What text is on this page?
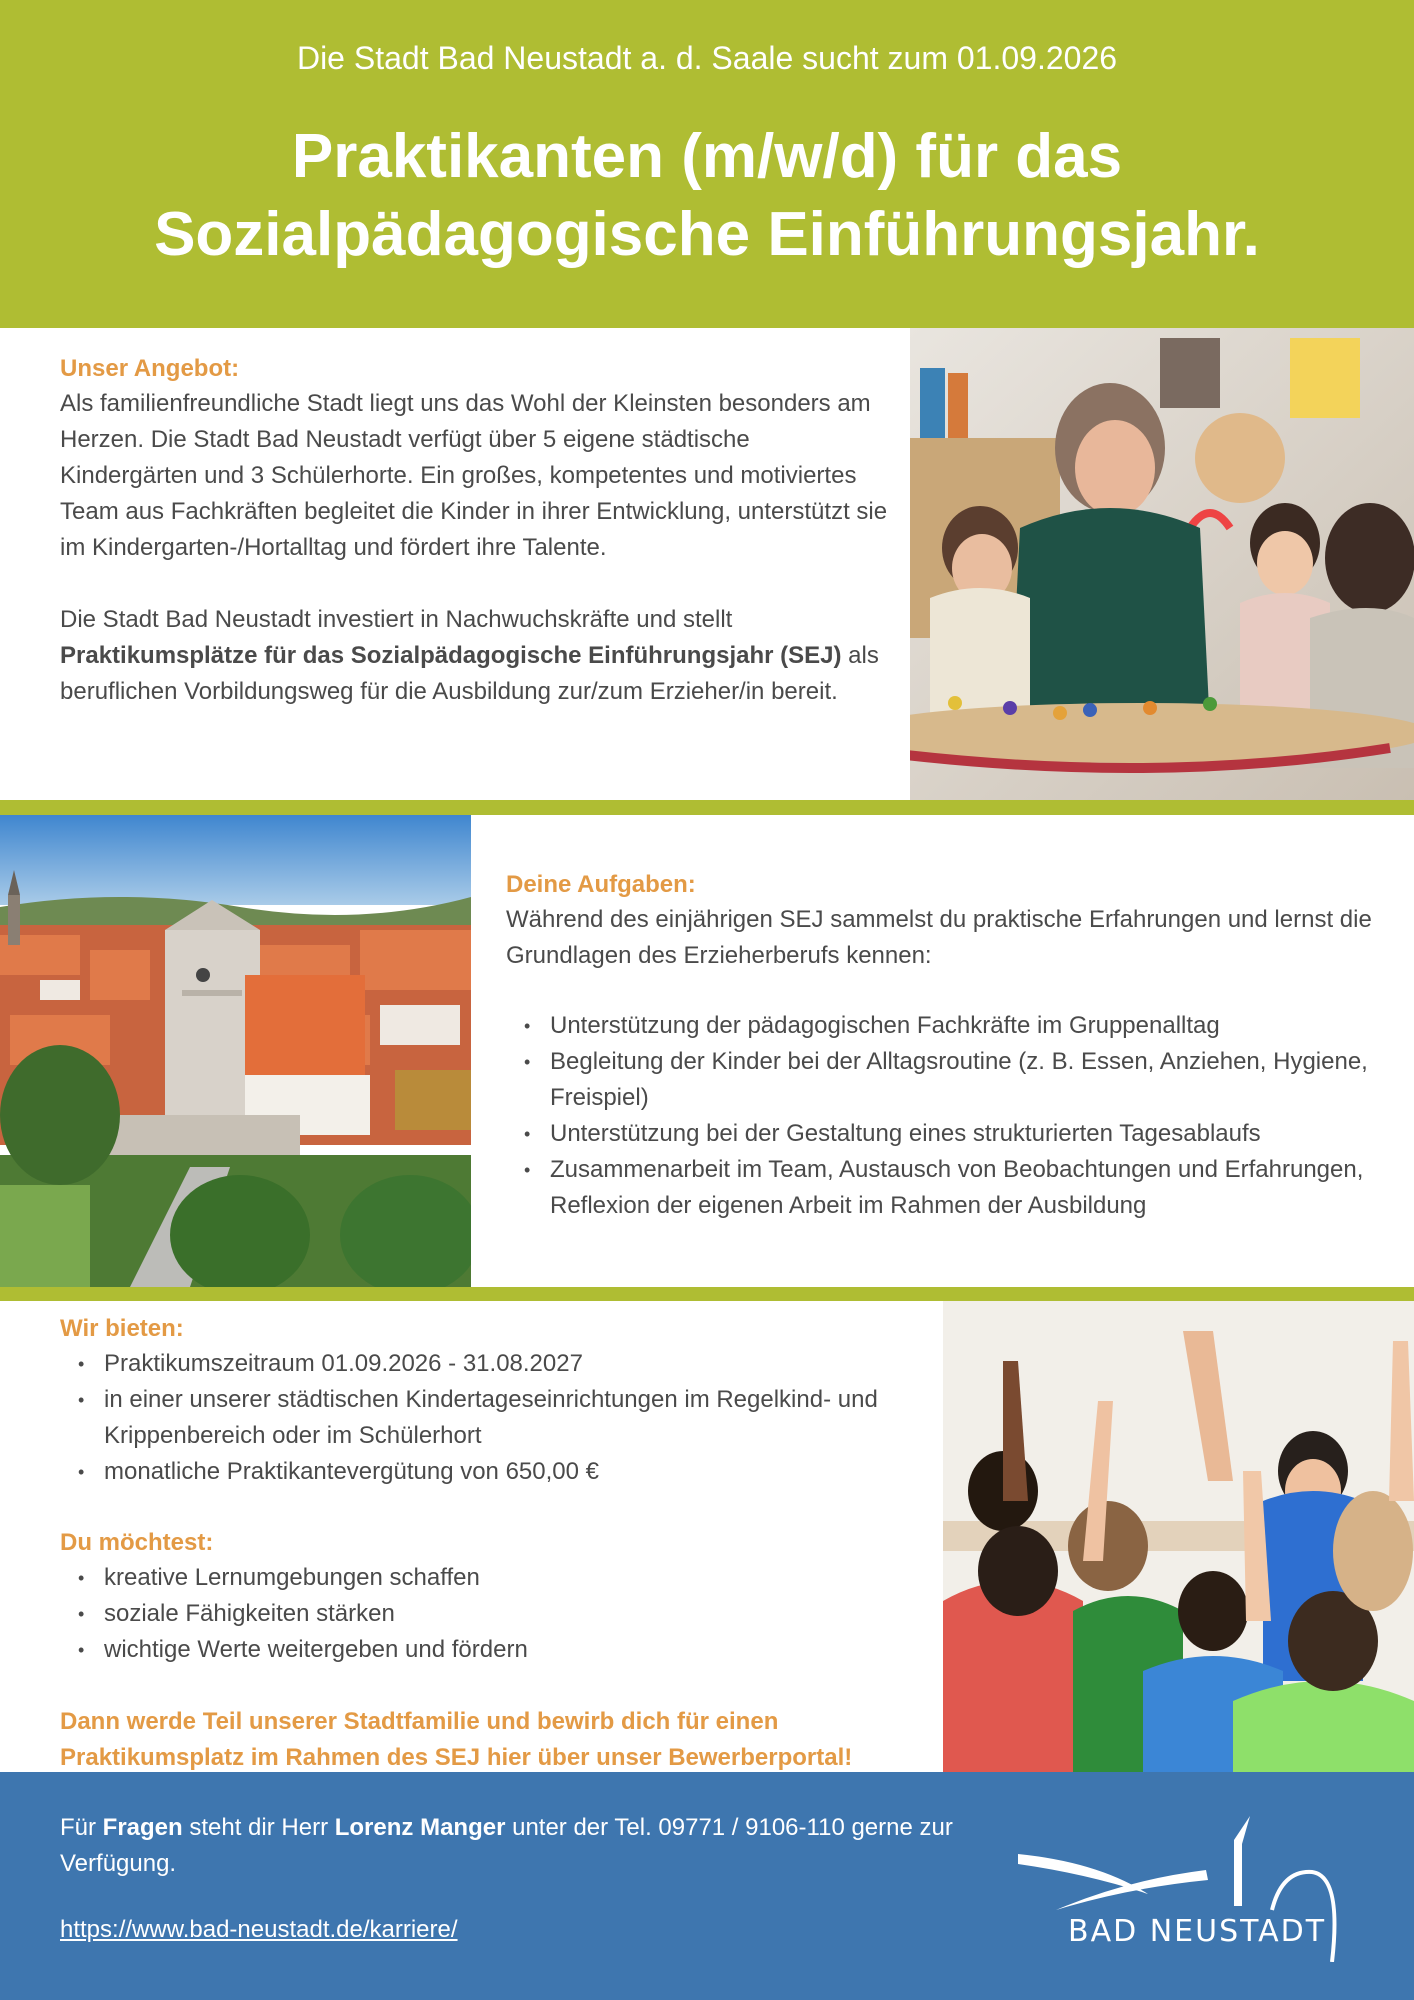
Die Stadt Bad Neustadt a. d. Saale sucht zum 01.09.2026
Praktikanten (m/w/d) für das
Sozialpädagogische Einführungsjahr.
Unser Angebot:
Als familienfreundliche Stadt liegt uns das Wohl der Kleinsten besonders am Herzen. Die Stadt Bad Neustadt verfügt über 5 eigene städtische Kindergärten und 3 Schülerhorte. Ein großes, kompetentes und motiviertes Team aus Fachkräften begleitet die Kinder in ihrer Entwicklung, unterstützt sie im Kindergarten-/Hortalltag und fördert ihre Talente.
Die Stadt Bad Neustadt investiert in Nachwuchskräfte und stellt Praktikumsplätze für das Sozialpädagogische Einführungsjahr (SEJ) als beruflichen Vorbildungsweg für die Ausbildung zur/zum Erzieher/in bereit.
Deine Aufgaben:
Während des einjährigen SEJ sammelst du praktische Erfahrungen und lernst die Grundlagen des Erzieherberufs kennen:
• Unterstützung der pädagogischen Fachkräfte im Gruppenalltag
• Begleitung der Kinder bei der Alltagsroutine (z. B. Essen, Anziehen, Hygiene, Freispiel)
• Unterstützung bei der Gestaltung eines strukturierten Tagesablaufs
• Zusammenarbeit im Team, Austausch von Beobachtungen und Erfahrungen, Reflexion der eigenen Arbeit im Rahmen der Ausbildung
Wir bieten:
• Praktikumszeitraum 01.09.2026 - 31.08.2027
• in einer unserer städtischen Kindertageseinrichtungen im Regelkind- und Krippenbereich oder im Schülerhort
• monatliche Praktikantevergütung von 650,00 €
Du möchtest:
• kreative Lernumgebungen schaffen
• soziale Fähigkeiten stärken
• wichtige Werte weitergeben und fördern
Dann werde Teil unserer Stadtfamilie und bewirb dich für einen Praktikumsplatz im Rahmen des SEJ hier über unser Bewerberportal!
Für Fragen steht dir Herr Lorenz Manger unter der Tel. 09771 / 9106-110 gerne zur Verfügung.
https://www.bad-neustadt.de/karriere/	BAD NEUSTADT
